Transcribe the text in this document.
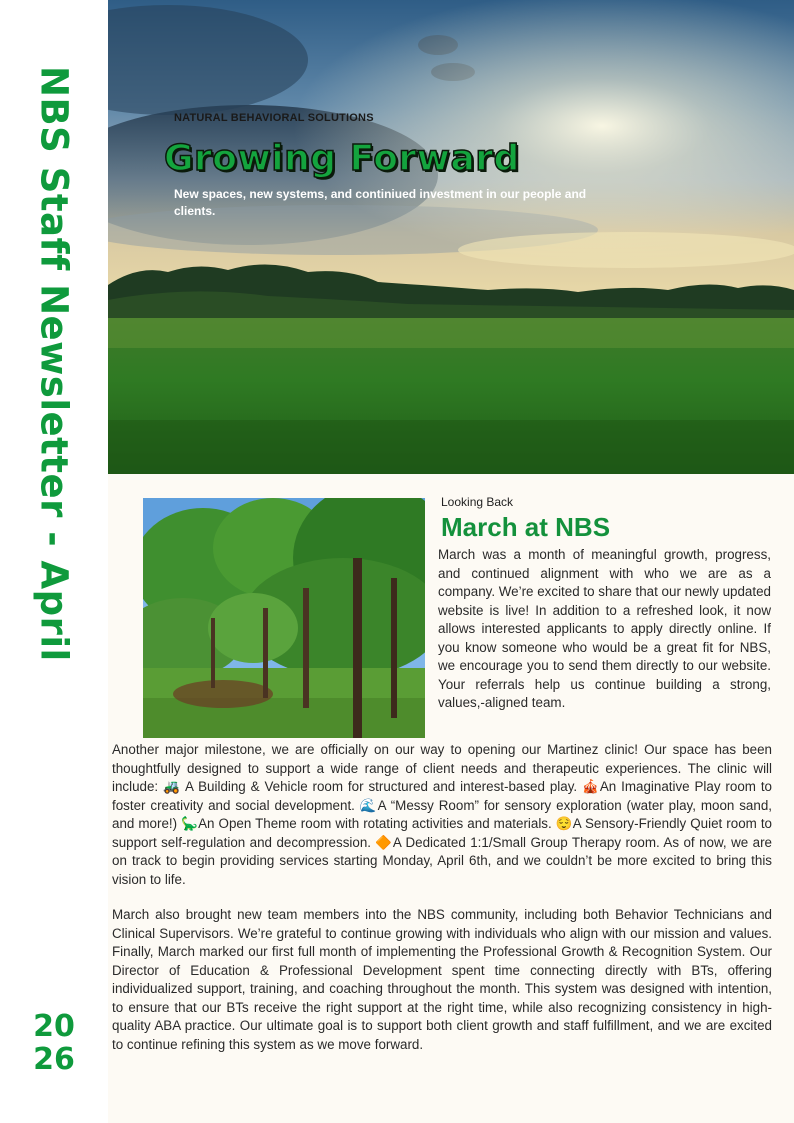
NBS Staff Newsletter - April
20
26
NATURAL BEHAVIORAL SOLUTIONS
Growing Forward
New spaces, new systems, and continiued investment in our people and clients.
Looking Back
March at NBS

March was a month of meaningful growth, progress, and continued alignment with who we are as a company. We’re excited to share that our newly updated website is live! In addition to a refreshed look, it now allows interested applicants to apply directly online. If you know someone who would be a great fit for NBS, we encourage you to send them directly to our website. Your referrals help us continue building a strong, values,-aligned team.

Another major milestone, we are officially on our way to opening our Martinez clinic! Our space has been thoughtfully designed to support a wide range of client needs and therapeutic experiences. The clinic will include: 🚜 A Building & Vehicle room for structured and interest-based play. 🎪An Imaginative Play room to foster creativity and social development. 🌊A “Messy Room” for sensory exploration (water play, moon sand, and more!) 🦕An Open Theme room with rotating activities and materials. 😌A Sensory-Friendly Quiet room to support self-regulation and decompression. 🔶A Dedicated 1:1/Small Group Therapy room. As of now, we are on track to begin providing services starting Monday, April 6th, and we couldn’t be more excited to bring this vision to life.

March also brought new team members into the NBS community, including both Behavior Technicians and Clinical Supervisors. We’re grateful to continue growing with individuals who align with our mission and values. Finally, March marked our first full month of implementing the Professional Growth & Recognition System. Our Director of Education & Professional Development spent time connecting directly with BTs, offering individualized support, training, and coaching throughout the month. This system was designed with intention, to ensure that our BTs receive the right support at the right time, while also recognizing consistency in high-quality ABA practice. Our ultimate goal is to support both client growth and staff fulfillment, and we are excited to continue refining this system as we move forward.
